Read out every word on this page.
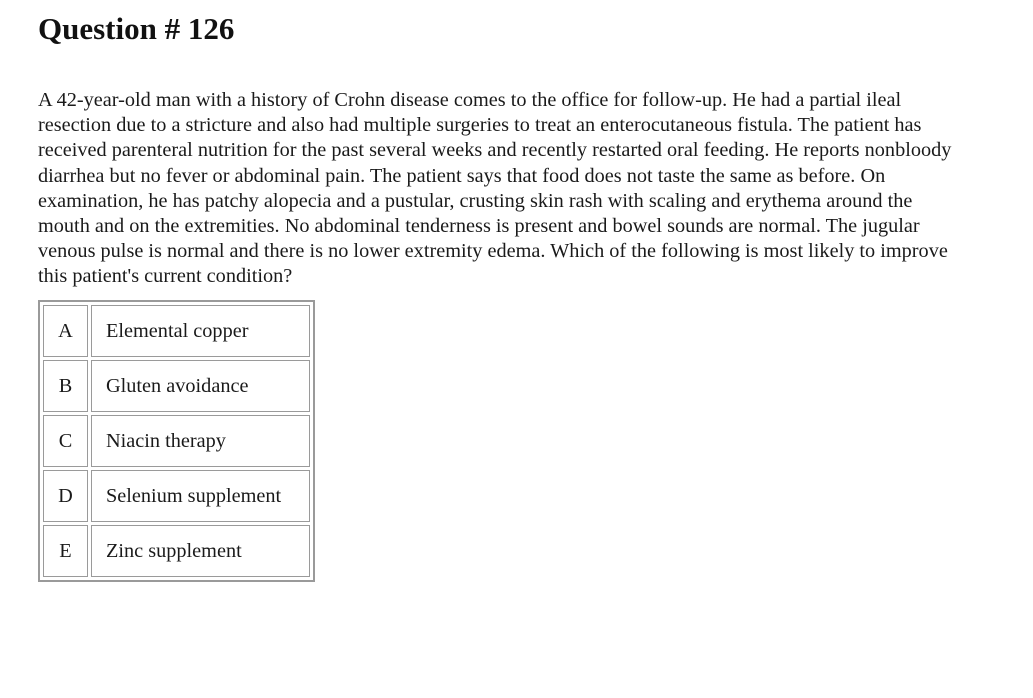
Question # 126

A 42-year-old man with a history of Crohn disease comes to the office for follow-up. He had a partial ileal resection due to a stricture and also had multiple surgeries to treat an enterocutaneous fistula. The patient has received parenteral nutrition for the past several weeks and recently restarted oral feeding. He reports nonbloody diarrhea but no fever or abdominal pain. The patient says that food does not taste the same as before. On examination, he has patchy alopecia and a pustular, crusting skin rash with scaling and erythema around the mouth and on the extremities. No abdominal tenderness is present and bowel sounds are normal. The jugular venous pulse is normal and there is no lower extremity edema. Which of the following is most likely to improve this patient's current condition?

A	Elemental copper
B	Gluten avoidance
C	Niacin therapy
D	Selenium supplement
E	Zinc supplement
